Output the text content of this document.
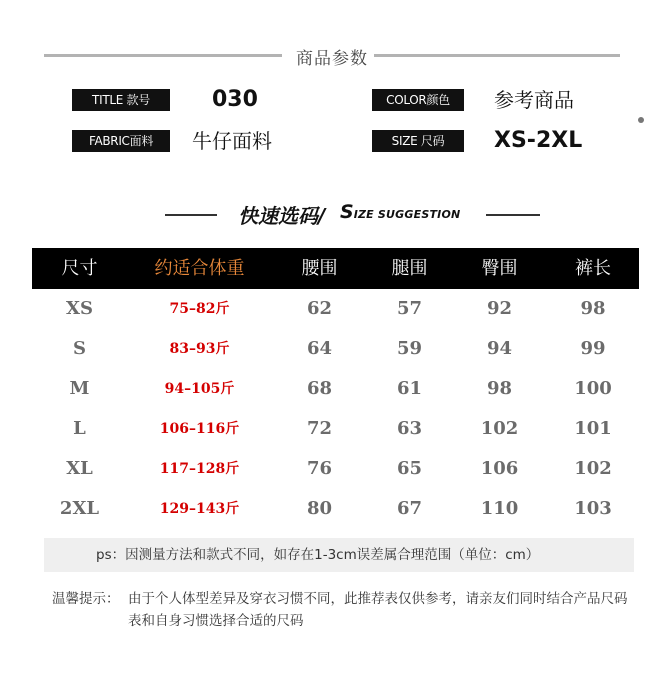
商品参数
TITLE 款号	030	COLOR颜色	参考商品
FABRIC面料	牛仔面料	SIZE 尺码	XS-2XL
快速选码/ SIZE SUGGESTION
尺寸	约适合体重	腰围	腿围	臀围	裤长
XS	75–82斤	62	57	92	98
S	83–93斤	64	59	94	99
M	94–105斤	68	61	98	100
L	106–116斤	72	63	102	101
XL	117–128斤	76	65	106	102
2XL	129–143斤	80	67	110	103
ps：因测量方法和款式不同，如存在1-3cm误差属合理范围（单位：cm）
温馨提示： 由于个人体型差异及穿衣习惯不同，此推荐表仅供参考，请亲友们同时结合产品尺码表和自身习惯选择合适的尺码
